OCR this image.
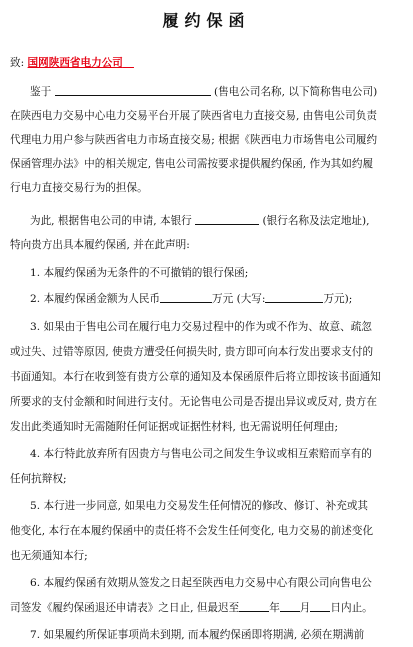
履约保函
致: 国网陕西省电力公司
鉴于	(售电公司名称, 以下简称售电公司)
在陕西电力交易中心电力交易平台开展了陕西省电力直接交易, 由售电公司负责
代理电力用户参与陕西省电力市场直接交易; 根据《陕西电力市场售电公司履约
保函管理办法》中的相关规定, 售电公司需按要求提供履约保函, 作为其如约履
行电力直接交易行为的担保。
为此, 根据售电公司的申请, 本银行	(银行名称及法定地址),
特向贵方出具本履约保函, 并在此声明:
1. 本履约保函为无条件的不可撤销的银行保函;
2. 本履约保函金额为人民币	万元 (大写:	万元);
3. 如果由于售电公司在履行电力交易过程中的作为或不作为、故意、疏忽
或过失、过错等原因, 使贵方遭受任何损失时, 贵方即可向本行发出要求支付的
书面通知。本行在收到签有贵方公章的通知及本保函原件后将立即按该书面通知
所要求的支付金额和时间进行支付。无论售电公司是否提出异议或反对, 贵方在
发出此类通知时无需随附任何证据或证据性材料, 也无需说明任何理由;
4. 本行特此放弃所有因贵方与售电公司之间发生争议或相互索赔而享有的
任何抗辩权;
5. 本行进一步同意, 如果电力交易发生任何情况的修改、修订、补充或其
他变化, 本行在本履约保函中的责任将不会发生任何变化, 电力交易的前述变化
也无须通知本行;
6. 本履约保函有效期从签发之日起至陕西电力交易中心有限公司向售电公
司签发《履约保函退还申请表》之日止, 但最迟至	年 月 日内止。
7. 如果履约所保证事项尚未到期, 而本履约保函即将期满, 必须在期满前
